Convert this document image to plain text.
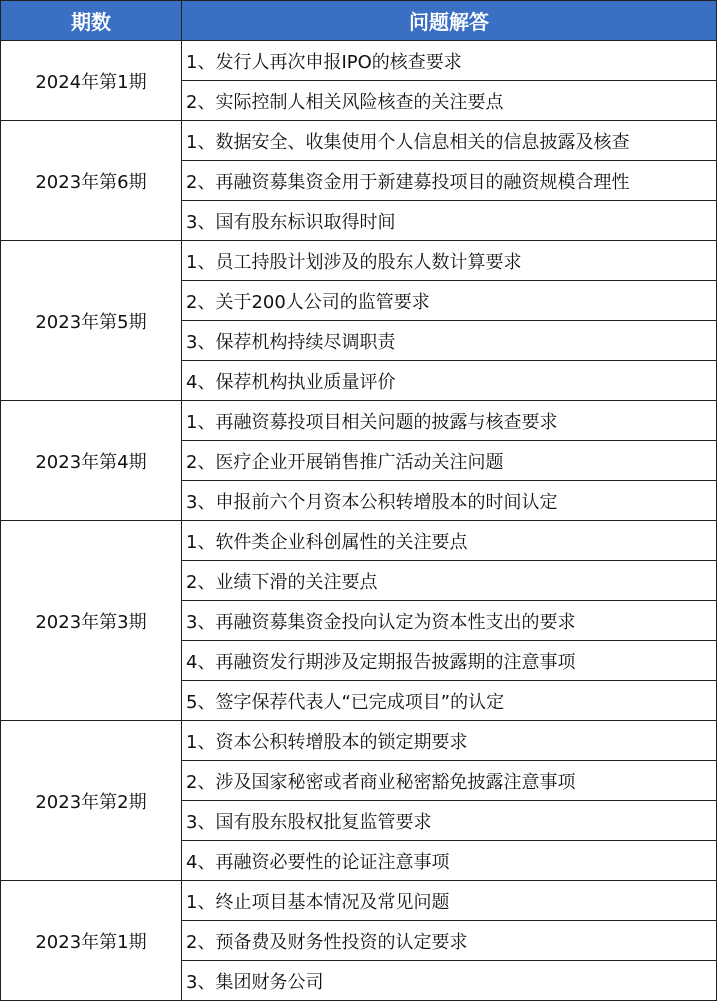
期数	问题解答
2024年第1期	1、发行人再次申报IPO的核查要求
	2、实际控制人相关风险核查的关注要点
2023年第6期	1、数据安全、收集使用个人信息相关的信息披露及核查
	2、再融资募集资金用于新建募投项目的融资规模合理性
	3、国有股东标识取得时间
2023年第5期	1、员工持股计划涉及的股东人数计算要求
	2、关于200人公司的监管要求
	3、保荐机构持续尽调职责
	4、保荐机构执业质量评价
2023年第4期	1、再融资募投项目相关问题的披露与核查要求
	2、医疗企业开展销售推广活动关注问题
	3、申报前六个月资本公积转增股本的时间认定
2023年第3期	1、软件类企业科创属性的关注要点
	2、业绩下滑的关注要点
	3、再融资募集资金投向认定为资本性支出的要求
	4、再融资发行期涉及定期报告披露期的注意事项
	5、签字保荐代表人“已完成项目”的认定
2023年第2期	1、资本公积转增股本的锁定期要求
	2、涉及国家秘密或者商业秘密豁免披露注意事项
	3、国有股东股权批复监管要求
	4、再融资必要性的论证注意事项
2023年第1期	1、终止项目基本情况及常见问题
	2、预备费及财务性投资的认定要求
	3、集团财务公司
